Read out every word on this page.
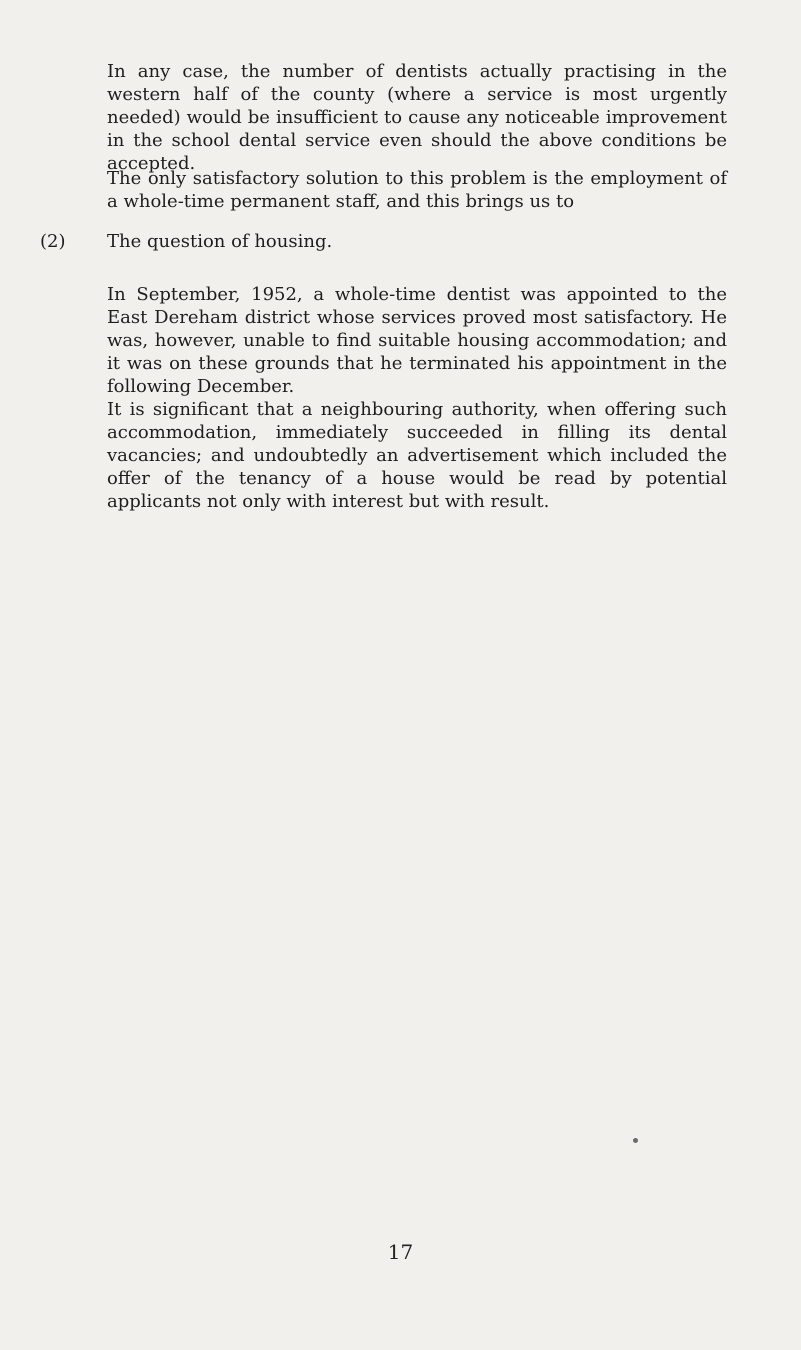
In any case, the number of dentists actually practising in the western half of the county (where a service is most urgently needed) would be insufficient to cause any noticeable improvement in the school dental service even should the above conditions be accepted.

The only satisfactory solution to this problem is the employment of a whole-time permanent staff, and this brings us to

(2)	The question of housing.

In September, 1952, a whole-time dentist was appointed to the East Dereham district whose services proved most satisfactory. He was, however, unable to find suitable housing accommodation; and it was on these grounds that he terminated his appointment in the following December.

It is significant that a neighbouring authority, when offering such accommodation, immediately succeeded in filling its dental vacancies; and undoubtedly an advertisement which included the offer of the tenancy of a house would be read by potential applicants not only with interest but with result.

17
